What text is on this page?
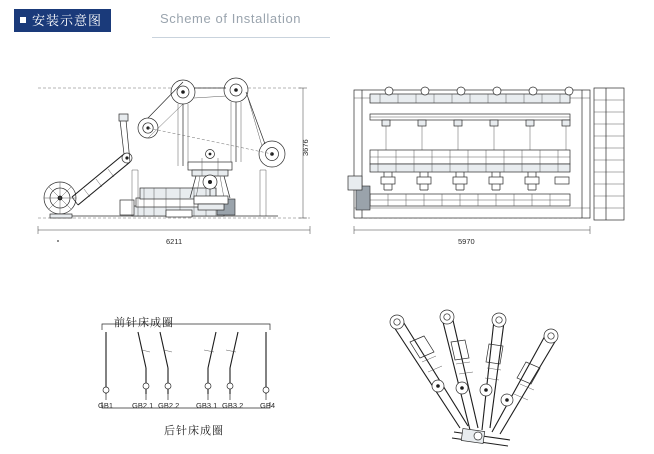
安装示意图	Scheme of Installation
6211
3676
5970
GB1	GB2.1 GB2.2 GB3.1 GB3.2 GB4
前针床成圈
后针床成圈
